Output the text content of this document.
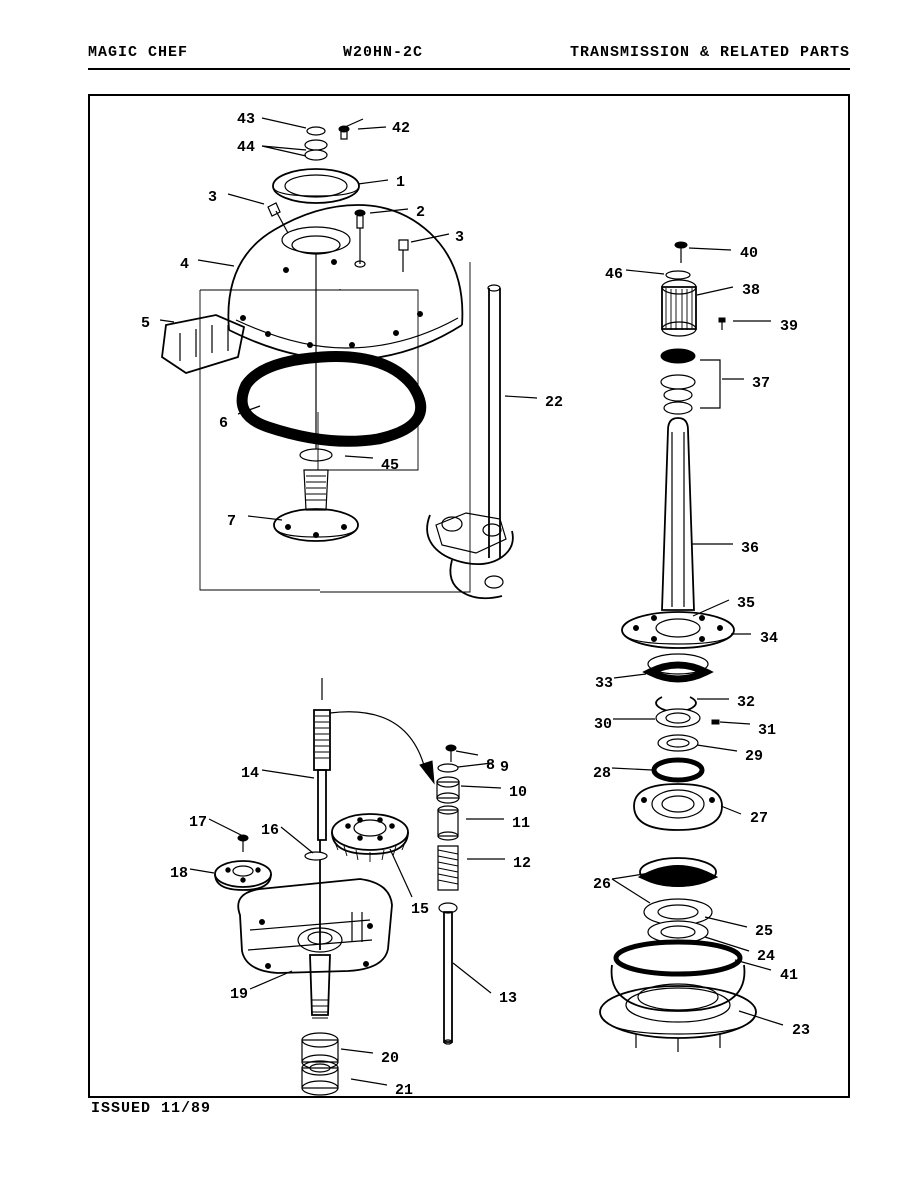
MAGIC CHEF	W20HN-2C	TRANSMISSION & RELATED PARTS
ISSUED 11/89
43
42
44
1
3
2
3
40
46
4
38
39
5
37
22
6
45
7
36
35
34
33
32
30	31
8
29
9	28
14
10
11	27
17	16
12
18
26
15
25
24
41
19	13
23
20
21
